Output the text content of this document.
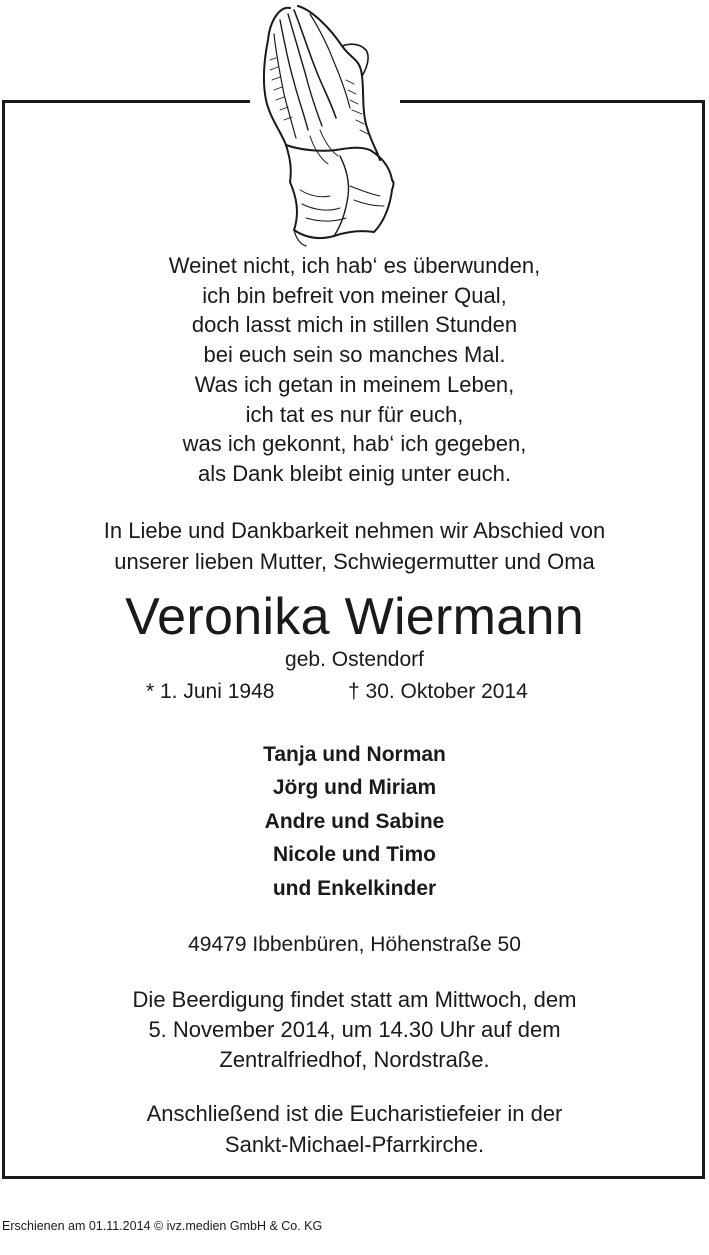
Weinet nicht, ich hab‘ es überwunden,
ich bin befreit von meiner Qual,
doch lasst mich in stillen Stunden
bei euch sein so manches Mal.
Was ich getan in meinem Leben,
ich tat es nur für euch,
was ich gekonnt, hab‘ ich gegeben,
als Dank bleibt einig unter euch.
In Liebe und Dankbarkeit nehmen wir Abschied von
unserer lieben Mutter, Schwiegermutter und Oma
Veronika Wiermann
geb. Ostendorf
* 1. Juni 1948	† 30. Oktober 2014
Tanja und Norman
Jörg und Miriam
Andre und Sabine
Nicole und Timo
und Enkelkinder
49479 Ibbenbüren, Höhenstraße 50
Die Beerdigung findet statt am Mittwoch, dem
5. November 2014, um 14.30 Uhr auf dem
Zentralfriedhof, Nordstraße.
Anschließend ist die Eucharistiefeier in der
Sankt-Michael-Pfarrkirche.
Erschienen am 01.11.2014 © ivz.medien GmbH & Co. KG
